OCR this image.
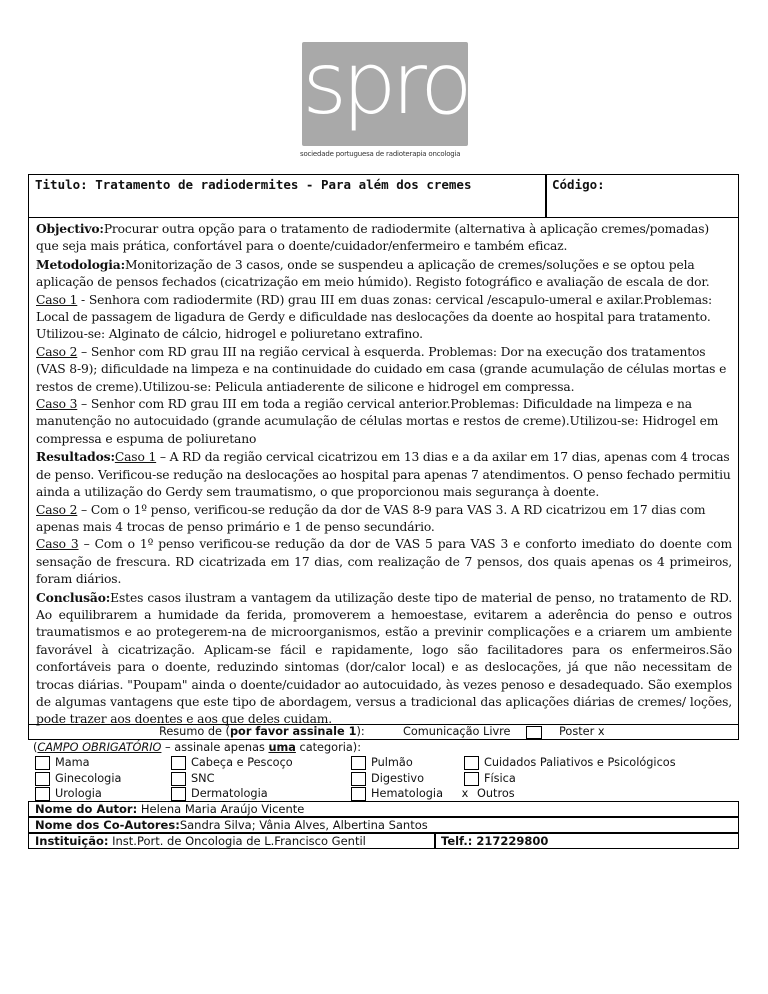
spro
sociedade portuguesa de radioterapia oncologia
Titulo: Tratamento de radiodermites - Para além dos cremes	Código:

Objectivo:Procurar outra opção para o tratamento de radiodermite (alternativa à aplicação cremes/pomadas) que seja mais prática, confortável para o doente/cuidador/enfermeiro e também eficaz.

Metodologia:Monitorização de 3 casos, onde se suspendeu a aplicação de cremes/soluções e se optou pela aplicação de pensos fechados (cicatrização em meio húmido). Registo fotográfico e avaliação de escala de dor.

Caso 1 - Senhora com radiodermite (RD) grau III em duas zonas: cervical /escapulo-umeral e axilar.Problemas: Local de passagem de ligadura de Gerdy e dificuldade nas deslocações da doente ao hospital para tratamento. Utilizou-se: Alginato de cálcio, hidrogel e poliuretano extrafino.

Caso 2 – Senhor com RD grau III na região cervical à esquerda. Problemas: Dor na execução dos tratamentos (VAS 8-9); dificuldade na limpeza e na continuidade do cuidado em casa (grande acumulação de células mortas e restos de creme).Utilizou-se: Pelicula antiaderente de silicone e hidrogel em compressa.

Caso 3 – Senhor com RD grau III em toda a região cervical anterior.Problemas: Dificuldade na limpeza e na manutenção no autocuidado (grande acumulação de células mortas e restos de creme).Utilizou-se: Hidrogel em compressa e espuma de poliuretano

Resultados:Caso 1 – A RD da região cervical cicatrizou em 13 dias e a da axilar em 17 dias, apenas com 4 trocas de penso. Verificou-se redução na deslocações ao hospital para apenas 7 atendimentos. O penso fechado permitiu ainda a utilização do Gerdy sem traumatismo, o que proporcionou mais segurança à doente.

Caso 2 – Com o 1º penso, verificou-se redução da dor de VAS 8-9 para VAS 3. A RD cicatrizou em 17 dias com apenas mais 4 trocas de penso primário e 1 de penso secundário.

Caso 3 – Com o 1º penso verificou-se redução da dor de VAS 5 para VAS 3 e conforto imediato do doente com sensação de frescura. RD cicatrizada em 17 dias, com realização de 7 pensos, dos quais apenas os 4 primeiros, foram diários.

Conclusão:Estes casos ilustram a vantagem da utilização deste tipo de material de penso, no tratamento de RD. Ao equilibrarem a humidade da ferida, promoverem a hemoestase, evitarem a aderência do penso e outros traumatismos e ao protegerem-na de microorganismos, estão a previnir complicações e a criarem um ambiente favorável à cicatrização. Aplicam-se fácil e rapidamente, logo são facilitadores para os enfermeiros.São confortáveis para o doente, reduzindo sintomas (dor/calor local) e as deslocações, já que não necessitam de trocas diárias. "Poupam" ainda o doente/cuidador ao autocuidado, às vezes penoso e desadequado. São exemplos de algumas vantagens que este tipo de abordagem, versus a tradicional das aplicações diárias de cremes/ loções, pode trazer aos doentes e aos que deles cuidam.

Resumo de (por favor assinale 1):	Comunicação Livre	Poster x
(CAMPO OBRIGATÓRIO – assinale apenas uma categoria):
Mama	Cabeça e Pescoço	Pulmão	Cuidados Paliativos e Psicológicos
Ginecologia	SNC	Digestivo	Física
Urologia	Dermatologia	Hematologia	x Outros
Nome do Autor: Helena Maria Araújo Vicente
Nome dos Co-Autores:Sandra Silva; Vânia Alves, Albertina Santos
Instituição: Inst.Port. de Oncologia de L.Francisco Gentil	Telf.: 217229800
